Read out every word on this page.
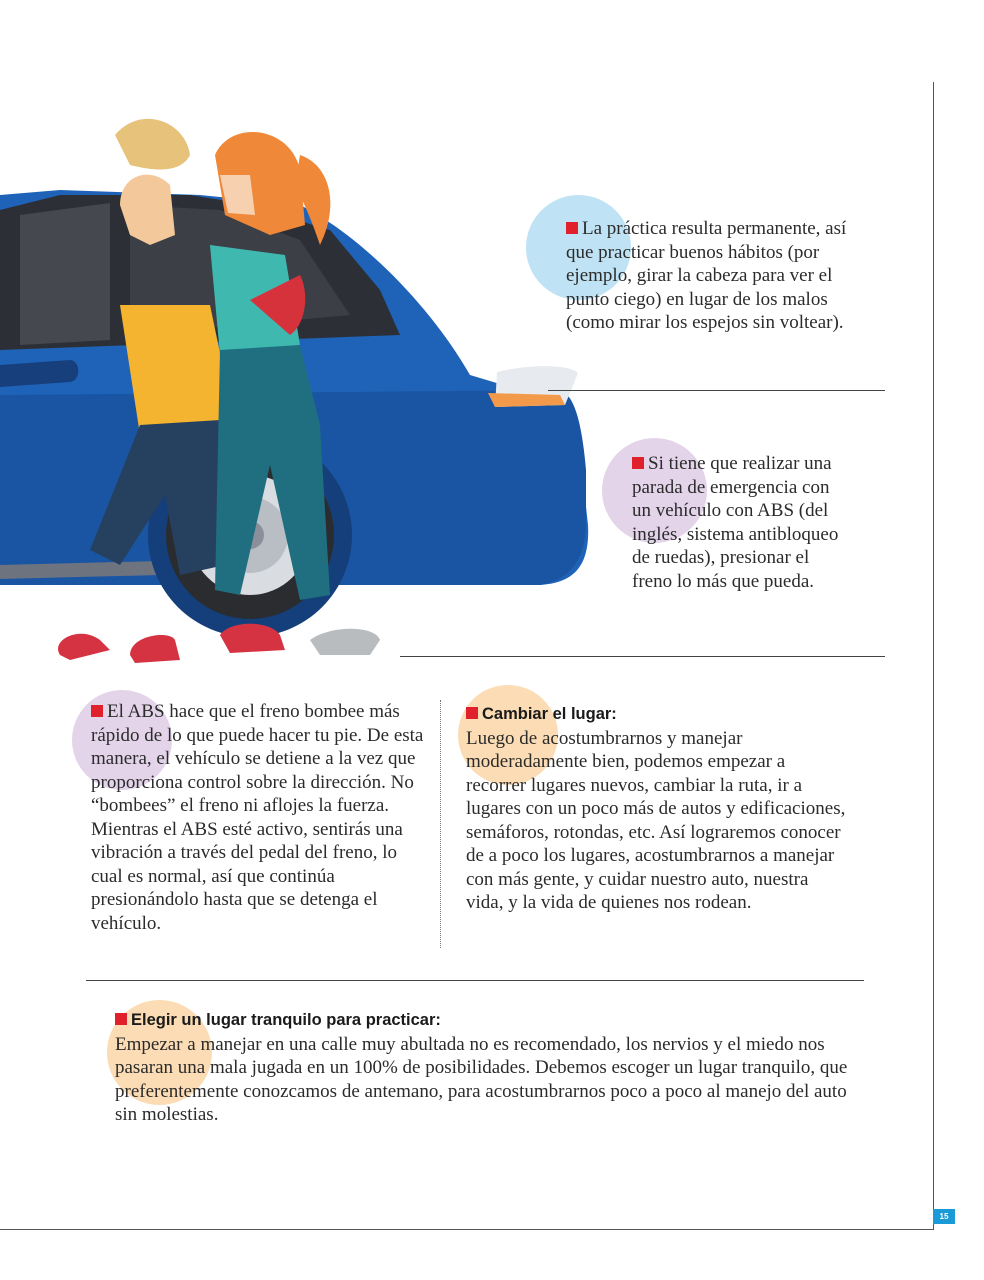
15

La práctica resulta permanente, así que practicar buenos hábitos (por ejemplo, girar la cabeza para ver el punto ciego) en lugar de los malos (como mirar los espejos sin voltear).

Si tiene que realizar una parada de emergencia con un vehículo con ABS (del inglés, sistema antibloqueo de ruedas), presionar el freno lo más que pueda.

El ABS hace que el freno bombee más rápido de lo que puede hacer tu pie. De esta manera, el vehículo se detiene a la vez que proporciona control sobre la dirección. No “bombees” el freno ni aflojes la fuerza. Mientras el ABS esté activo, sentirás una vibración a través del pedal del freno, lo cual es normal, así que continúa presionándolo hasta que se detenga el vehículo.

Cambiar el lugar:
Luego de acostumbrarnos y manejar moderadamente bien, podemos empezar a recorrer lugares nuevos, cambiar la ruta, ir a lugares con un poco más de autos y edificaciones, semáforos, rotondas, etc. Así lograremos conocer de a poco los lugares, acostumbrarnos a manejar con más gente, y cuidar nuestro auto, nuestra vida, y la vida de quienes nos rodean.

Elegir un lugar tranquilo para practicar:
Empezar a manejar en una calle muy abultada no es recomendado, los nervios y el miedo nos pasaran una mala jugada en un 100% de posibilidades. Debemos escoger un lugar tranquilo, que preferentemente conozcamos de antemano, para acostumbrarnos poco a poco al manejo del auto sin molestias.
